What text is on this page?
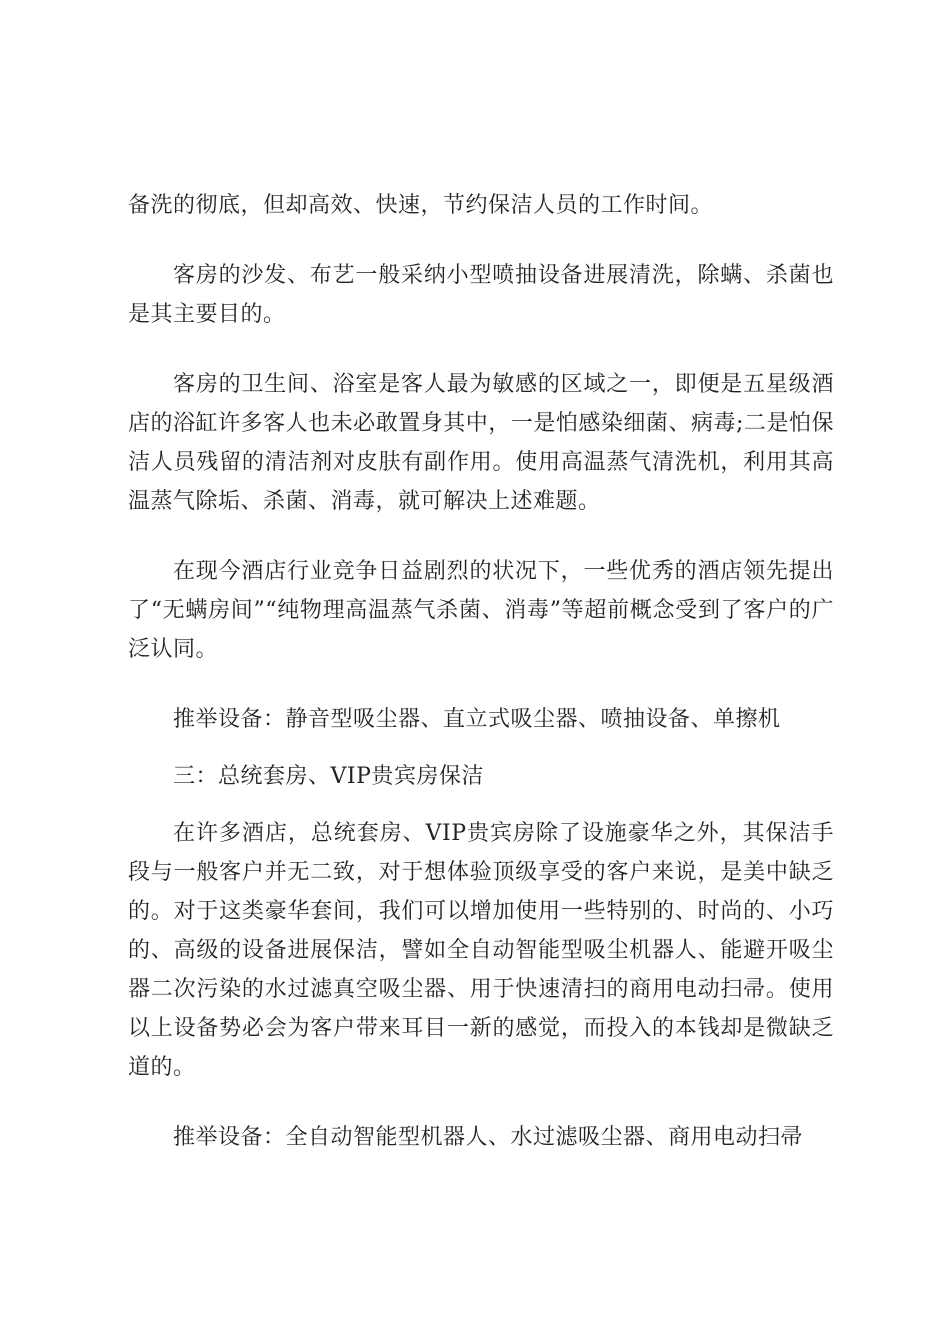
备洗的彻底，但却高效、快速，节约保洁人员的工作时间。

客房的沙发、布艺一般采纳小型喷抽设备进展清洗，除螨、杀菌也是其主要目的。

客房的卫生间、浴室是客人最为敏感的区域之一，即便是五星级酒店的浴缸许多客人也未必敢置身其中，一是怕感染细菌、病毒;二是怕保洁人员残留的清洁剂对皮肤有副作用。使用高温蒸气清洗机，利用其高温蒸气除垢、杀菌、消毒，就可解决上述难题。

在现今酒店行业竞争日益剧烈的状况下，一些优秀的酒店领先提出了“无螨房间”“纯物理高温蒸气杀菌、消毒”等超前概念受到了客户的广泛认同。

推举设备：静音型吸尘器、直立式吸尘器、喷抽设备、单擦机

三：总统套房、VIP贵宾房保洁

在许多酒店，总统套房、VIP贵宾房除了设施豪华之外，其保洁手段与一般客户并无二致，对于想体验顶级享受的客户来说，是美中缺乏的。对于这类豪华套间，我们可以增加使用一些特别的、时尚的、小巧的、高级的设备进展保洁，譬如全自动智能型吸尘机器人、能避开吸尘器二次污染的水过滤真空吸尘器、用于快速清扫的商用电动扫帚。使用以上设备势必会为客户带来耳目一新的感觉，而投入的本钱却是微缺乏道的。

推举设备：全自动智能型机器人、水过滤吸尘器、商用电动扫帚
